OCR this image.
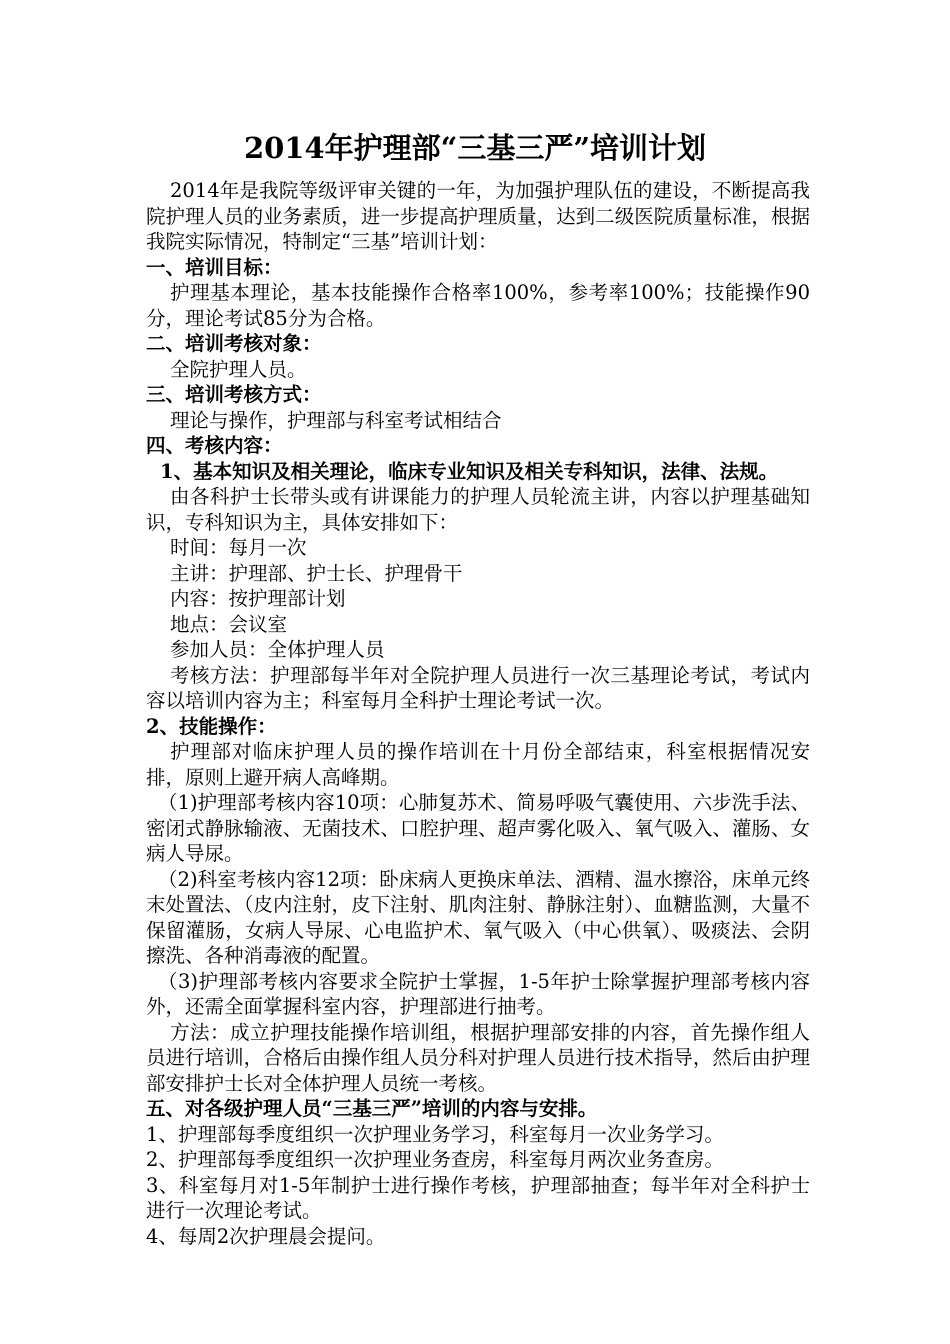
2014年护理部“三基三严”培训计划

2014年是我院等级评审关键的一年，为加强护理队伍的建设，不断提高我院护理人员的业务素质，进一步提高护理质量，达到二级医院质量标准，根据我院实际情况，特制定“三基”培训计划：

一、培训目标：

护理基本理论，基本技能操作合格率100%，参考率100%；技能操作90分，理论考试85分为合格。

二、培训考核对象：

全院护理人员。

三、培训考核方式：

理论与操作，护理部与科室考试相结合

四、考核内容：

1、基本知识及相关理论，临床专业知识及相关专科知识，法律、法规。

由各科护士长带头或有讲课能力的护理人员轮流主讲，内容以护理基础知识，专科知识为主，具体安排如下：

时间：每月一次

主讲：护理部、护士长、护理骨干

内容：按护理部计划

地点：会议室

参加人员：全体护理人员

考核方法：护理部每半年对全院护理人员进行一次三基理论考试，考试内容以培训内容为主；科室每月全科护士理论考试一次。

2、技能操作：

护理部对临床护理人员的操作培训在十月份全部结束，科室根据情况安排，原则上避开病人高峰期。

（1)护理部考核内容10项：心肺复苏术、简易呼吸气囊使用、六步洗手法、密闭式静脉输液、无菌技术、口腔护理、超声雾化吸入、氧气吸入、灌肠、女病人导尿。

（2)科室考核内容12项：卧床病人更换床单法、酒精、温水擦浴，床单元终末处置法、（皮内注射，皮下注射、肌肉注射、静脉注射）、血糖监测，大量不保留灌肠，女病人导尿、心电监护术、氧气吸入（中心供氧）、吸痰法、会阴擦洗、各种消毒液的配置。

（3)护理部考核内容要求全院护士掌握，1-5年护士除掌握护理部考核内容外，还需全面掌握科室内容，护理部进行抽考。

方法：成立护理技能操作培训组，根据护理部安排的内容，首先操作组人员进行培训，合格后由操作组人员分科对护理人员进行技术指导，然后由护理部安排护士长对全体护理人员统一考核。

五、对各级护理人员“三基三严”培训的内容与安排。

1、护理部每季度组织一次护理业务学习，科室每月一次业务学习。

2、护理部每季度组织一次护理业务查房，科室每月两次业务查房。

3、科室每月对1-5年制护士进行操作考核，护理部抽查；每半年对全科护士进行一次理论考试。

4、每周2次护理晨会提问。
